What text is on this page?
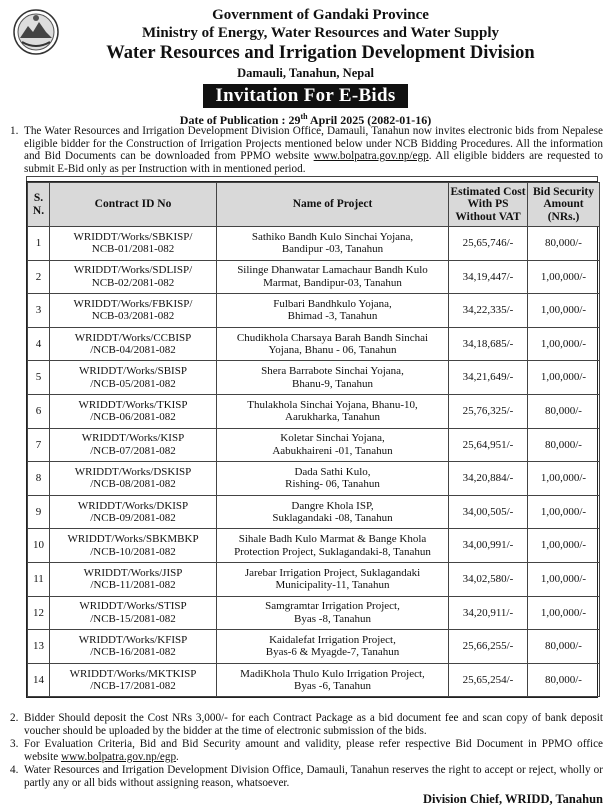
Government of Gandaki Province
Ministry of Energy, Water Resources and Water Supply
Water Resources and Irrigation Development Division
Damauli, Tanahun, Nepal
Invitation For E-Bids
Date of Publication : 29th April 2025 (2082-01-16)
1. The Water Resources and Irrigation Development Division Office, Damauli, Tanahun now invites electronic bids from Nepalese eligible bidder for the Construction of Irrigation Projects mentioned below under NCB Bidding Procedures. All the information and Bid Documents can be downloaded from PPMO website www.bolpatra.gov.np/egp. All eligible bidders are requested to submit E-Bid only as per Instruction with in mentioned period.
S. N.	Contract ID No	Name of Project	Estimated Cost With PS Without VAT	Bid Security Amount (NRs.)
1	WRIDDT/Works/SBKISP/
NCB-01/2081-082	Sathiko Bandh Kulo Sinchai Yojana,
Bandipur -03, Tanahun	25,65,746/-	80,000/-
2	WRIDDT/Works/SDLISP/
NCB-02/2081-082	Silinge Dhanwatar Lamachaur Bandh Kulo
Marmat, Bandipur-03, Tanahun	34,19,447/-	1,00,000/-
3	WRIDDT/Works/FBKISP/
NCB-03/2081-082	Fulbari Bandhkulo Yojana,
Bhimad -3, Tanahun	34,22,335/-	1,00,000/-
4	WRIDDT/Works/CCBISP
/NCB-04/2081-082	Chudikhola Charsaya Barah Bandh Sinchai
Yojana, Bhanu - 06, Tanahun	34,18,685/-	1,00,000/-
5	WRIDDT/Works/SBISP
/NCB-05/2081-082	Shera Barrabote Sinchai Yojana,
Bhanu-9, Tanahun	34,21,649/-	1,00,000/-
6	WRIDDT/Works/TKISP
/NCB-06/2081-082	Thulakhola Sinchai Yojana, Bhanu-10,
Aarukharka, Tanahun	25,76,325/-	80,000/-
7	WRIDDT/Works/KISP
/NCB-07/2081-082	Koletar Sinchai Yojana,
Aabukhaireni -01, Tanahun	25,64,951/-	80,000/-
8	WRIDDT/Works/DSKISP
/NCB-08/2081-082	Dada Sathi Kulo,
Rishing- 06, Tanahun	34,20,884/-	1,00,000/-
9	WRIDDT/Works/DKISP
/NCB-09/2081-082	Dangre Khola ISP,
Suklagandaki -08, Tanahun	34,00,505/-	1,00,000/-
10	WRIDDT/Works/SBKMBKP
/NCB-10/2081-082	Sihale Badh Kulo Marmat & Bange Khola
Protection Project, Suklagandaki-8, Tanahun	34,00,991/-	1,00,000/-
11	WRIDDT/Works/JISP
/NCB-11/2081-082	Jarebar Irrigation Project, Suklagandaki
Municipality-11, Tanahun	34,02,580/-	1,00,000/-
12	WRIDDT/Works/STISP
/NCB-15/2081-082	Samgramtar Irrigation Project,
Byas -8, Tanahun	34,20,911/-	1,00,000/-
13	WRIDDT/Works/KFISP
/NCB-16/2081-082	Kaidalefat Irrigation Project,
Byas-6 & Myagde-7, Tanahun	25,66,255/-	80,000/-
14	WRIDDT/Works/MKTKISP
/NCB-17/2081-082	MadiKhola Thulo Kulo Irrigation Project,
Byas -6, Tanahun	25,65,254/-	80,000/-
2. Bidder Should deposit the Cost NRs 3,000/- for each Contract Package as a bid document fee and scan copy of bank deposit voucher should be uploaded by the bidder at the time of electronic submission of the bids.
3. For Evaluation Criteria, Bid and Bid Security amount and validity, please refer respective Bid Document in PPMO office website www.bolpatra.gov.np/egp.
4. Water Resources and Irrigation Development Division Office, Damauli, Tanahun reserves the right to accept or reject, wholly or partly any or all bids without assigning reason, whatsoever.
Division Chief, WRIDD, Tanahun
